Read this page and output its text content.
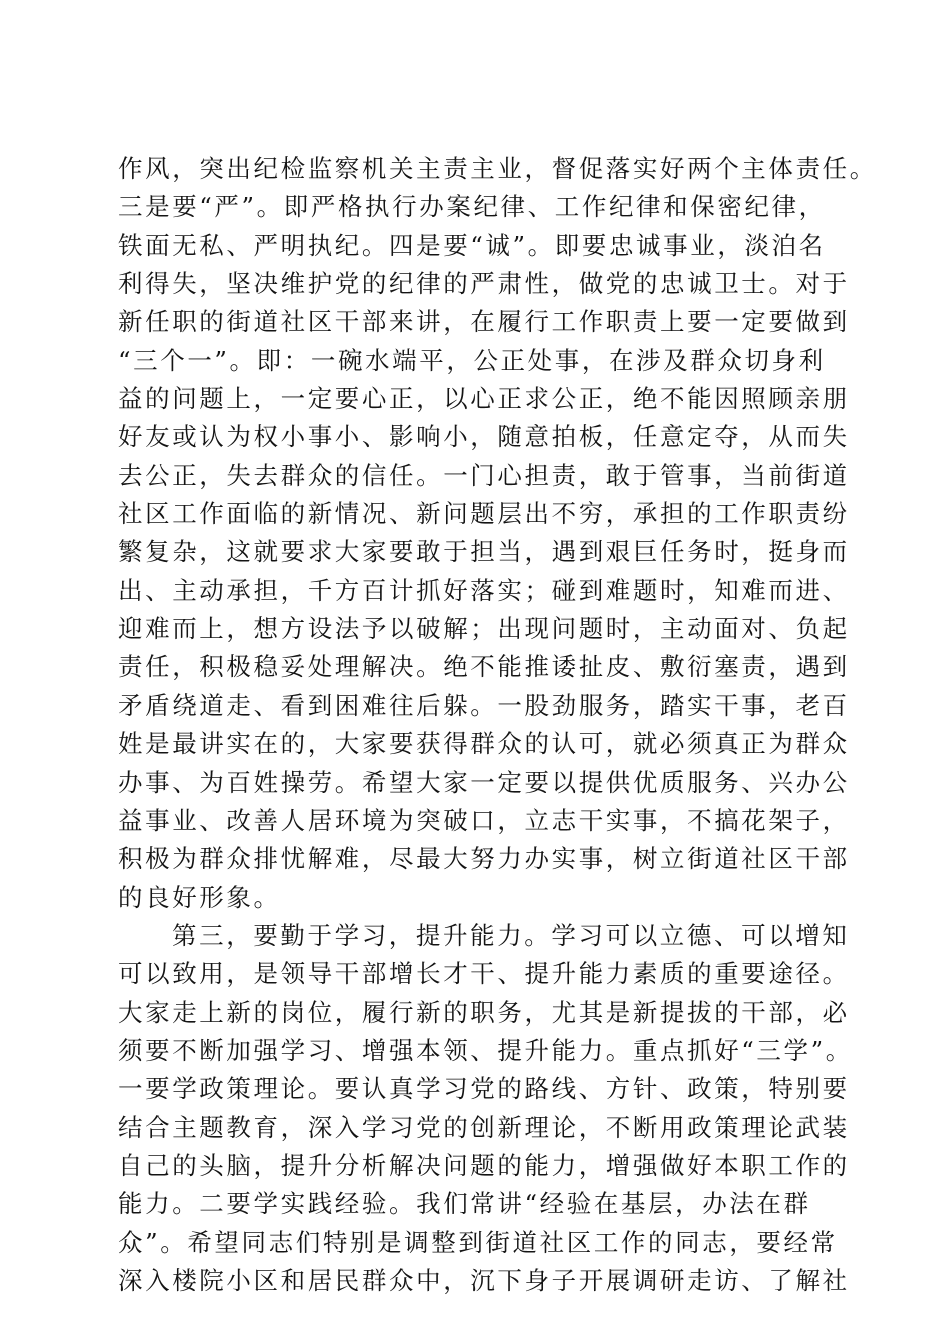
作风，突出纪检监察机关主责主业，督促落实好两个主体责任。
三是要“严”。即严格执行办案纪律、工作纪律和保密纪律，
铁面无私、严明执纪。四是要“诚”。即要忠诚事业，淡泊名
利得失，坚决维护党的纪律的严肃性，做党的忠诚卫士。对于
新任职的街道社区干部来讲，在履行工作职责上要一定要做到
“三个一”。即：一碗水端平，公正处事，在涉及群众切身利
益的问题上，一定要心正，以心正求公正，绝不能因照顾亲朋
好友或认为权小事小、影响小，随意拍板，任意定夺，从而失
去公正，失去群众的信任。一门心担责，敢于管事，当前街道
社区工作面临的新情况、新问题层出不穷，承担的工作职责纷
繁复杂，这就要求大家要敢于担当，遇到艰巨任务时，挺身而
出、主动承担，千方百计抓好落实；碰到难题时，知难而进、
迎难而上，想方设法予以破解；出现问题时，主动面对、负起
责任，积极稳妥处理解决。绝不能推诿扯皮、敷衍塞责，遇到
矛盾绕道走、看到困难往后躲。一股劲服务，踏实干事，老百
姓是最讲实在的，大家要获得群众的认可，就必须真正为群众
办事、为百姓操劳。希望大家一定要以提供优质服务、兴办公
益事业、改善人居环境为突破口，立志干实事，不搞花架子，
积极为群众排忧解难，尽最大努力办实事，树立街道社区干部
的良好形象。
第三，要勤于学习，提升能力。学习可以立德、可以增知
可以致用，是领导干部增长才干、提升能力素质的重要途径。
大家走上新的岗位，履行新的职务，尤其是新提拔的干部，必
须要不断加强学习、增强本领、提升能力。重点抓好“三学”。
一要学政策理论。要认真学习党的路线、方针、政策，特别要
结合主题教育，深入学习党的创新理论，不断用政策理论武装
自己的头脑，提升分析解决问题的能力，增强做好本职工作的
能力。二要学实践经验。我们常讲“经验在基层，办法在群
众”。希望同志们特别是调整到街道社区工作的同志，要经常
深入楼院小区和居民群众中，沉下身子开展调研走访、了解社
